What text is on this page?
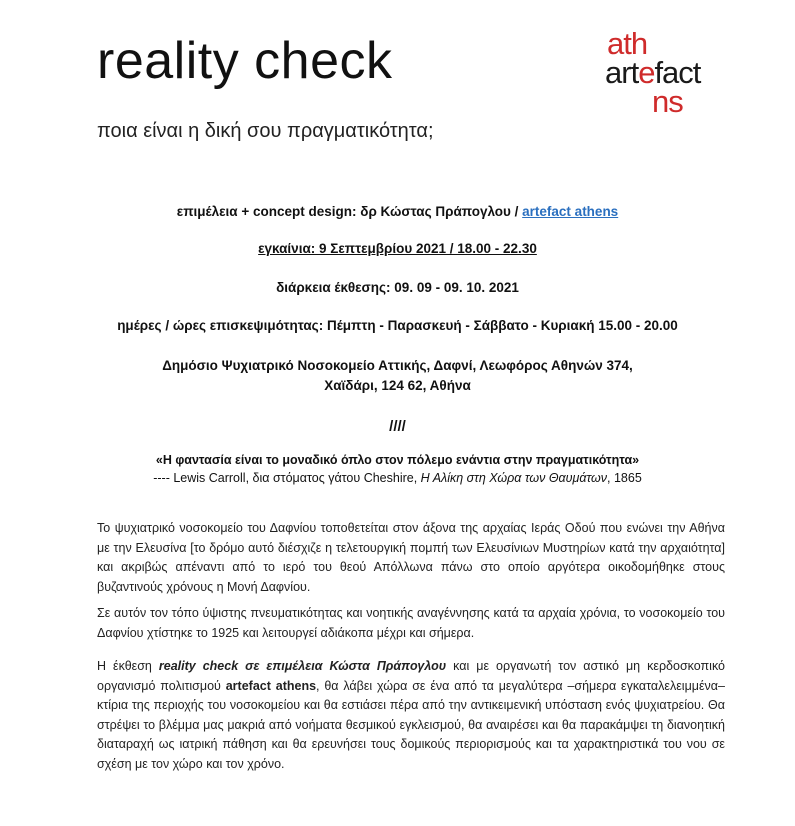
reality check
ποια είναι η δική σου πραγματικότητα;
ath
artefact
ns
επιμέλεια + concept design: δρ Κώστας Πράπογλου / artefact athens
εγκαίνια: 9 Σεπτεμβρίου 2021 / 18.00 - 22.30
διάρκεια έκθεσης: 09. 09 - 09. 10. 2021
ημέρες / ώρες επισκεψιμότητας: Πέμπτη - Παρασκευή - Σάββατο - Κυριακή 15.00 - 20.00
Δημόσιο Ψυχιατρικό Νοσοκομείο Αττικής, Δαφνί, Λεωφόρος Αθηνών 374,
Χαϊδάρι, 124 62, Αθήνα
////
«Η φαντασία είναι το μοναδικό όπλο στον πόλεμο ενάντια στην πραγματικότητα»
---- Lewis Carroll, δια στόματος γάτου Cheshire, Η Αλίκη στη Χώρα των Θαυμάτων, 1865
Το ψυχιατρικό νοσοκομείο του Δαφνίου τοποθετείται στον άξονα της αρχαίας Ιεράς Οδού που ενώνει την Αθήνα με την Ελευσίνα [το δρόμο αυτό διέσχιζε η τελετουργική πομπή των Ελευσίνιων Μυστηρίων κατά την αρχαιότητα] και ακριβώς απέναντι από το ιερό του θεού Απόλλωνα πάνω στο οποίο αργότερα οικοδομήθηκε στους βυζαντινούς χρόνους η Μονή Δαφνίου.
Σε αυτόν τον τόπο ύψιστης πνευματικότητας και νοητικής αναγέννησης κατά τα αρχαία χρόνια, το νοσοκομείο του Δαφνίου χτίστηκε το 1925 και λειτουργεί αδιάκοπα μέχρι και σήμερα.
Η έκθεση reality check σε επιμέλεια Κώστα Πράπογλου και με οργανωτή τον αστικό μη κερδοσκοπικό οργανισμό πολιτισμού artefact athens, θα λάβει χώρα σε ένα από τα μεγαλύτερα –σήμερα εγκαταλελειμμένα– κτίρια της περιοχής του νοσοκομείου και θα εστιάσει πέρα από την αντικειμενική υπόσταση ενός ψυχιατρείου. Θα στρέψει το βλέμμα μας μακριά από νοήματα θεσμικού εγκλεισμού, θα αναιρέσει και θα παρακάμψει τη διανοητική διαταραχή ως ιατρική πάθηση και θα ερευνήσει τους δομικούς περιορισμούς και τα χαρακτηριστικά του νου σε σχέση με τον χώρο και τον χρόνο.
